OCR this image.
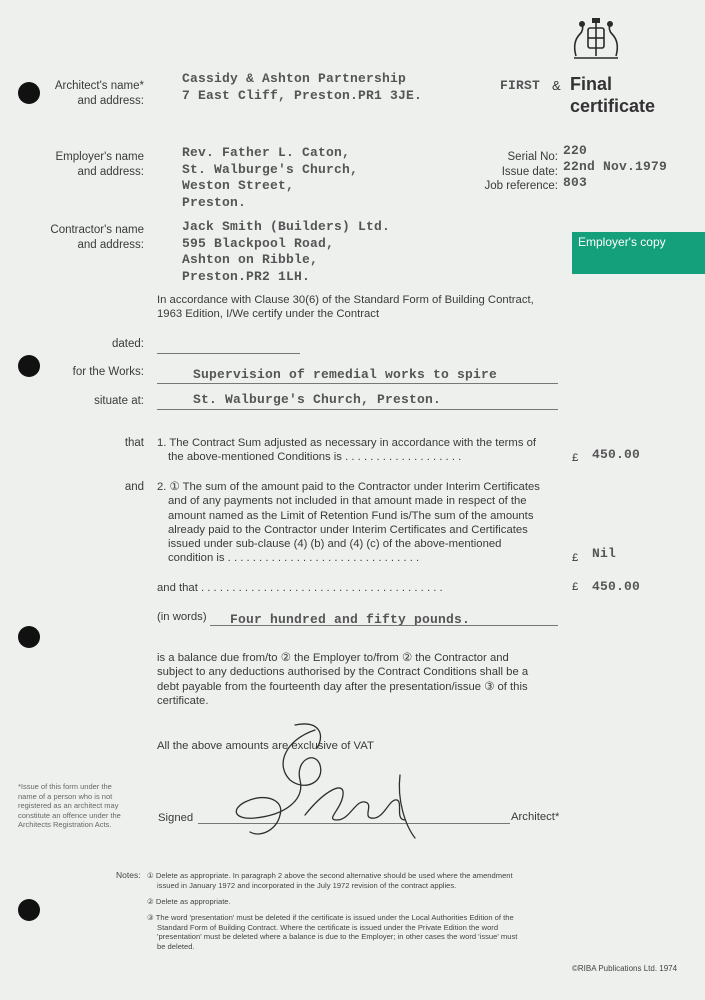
Architect's name*
and address:
Cassidy & Ashton Partnership
7 East Cliff, Preston.PR1 3JE.
FIRST & Final
certificate
Employer's name
and address:
Rev. Father L. Caton,
St. Walburge's Church,
Weston Street,
Preston.
Serial No: 220
Issue date: 22nd Nov.1979
Job reference: 803
Contractor's name
and address:
Jack Smith (Builders) Ltd.
595 Blackpool Road,
Ashton on Ribble,
Preston.PR2 1LH.
Employer's copy
In accordance with Clause 30(6) of the Standard Form of Building Contract,
1963 Edition, I/We certify under the Contract
dated:
for the Works:	Supervision of remedial works to spire
situate at:	St. Walburge's Church, Preston.
that 1. The Contract Sum adjusted as necessary in accordance with the terms of
the above-mentioned Conditions is . . . . . . . . . . . . . . . . . . .	£ 450.00
and 2. ① The sum of the amount paid to the Contractor under Interim Certificates
and of any payments not included in that amount made in respect of the
amount named as the Limit of Retention Fund is/The sum of the amounts
already paid to the Contractor under Interim Certificates and Certificates
issued under sub-clause (4) (b) and (4) (c) of the above-mentioned
condition is . . . . . . . . . . . . . . . . . . . . . . . . . . . . . . .	£ Nil
and that . . . . . . . . . . . . . . . . . . . . . . . . . . . . . . . . . . . . . . .	£ 450.00
(in words) Four hundred and fifty pounds.
is a balance due from/to ② the Employer to/from ② the Contractor and
subject to any deductions authorised by the Contract Conditions shall be a
debt payable from the fourteenth day after the presentation/issue ③ of this
certificate.
All the above amounts are exclusive of VAT
*Issue of this form under the
name of a person who is not
registered as an architect may
constitute an offence under the
Architects Registration Acts.
Signed	Architect*
Notes: ① Delete as appropriate. In paragraph 2 above the second alternative should be used where the amendment
issued in January 1972 and incorporated in the July 1972 revision of the contract applies.
② Delete as appropriate.
③ The word 'presentation' must be deleted if the certificate is issued under the Local Authorities Edition of the
Standard Form of Building Contract. Where the certificate is issued under the Private Edition the word
'presentation' must be deleted where a balance is due to the Employer; in other cases the word 'issue' must
be deleted.
©RIBA Publications Ltd. 1974
